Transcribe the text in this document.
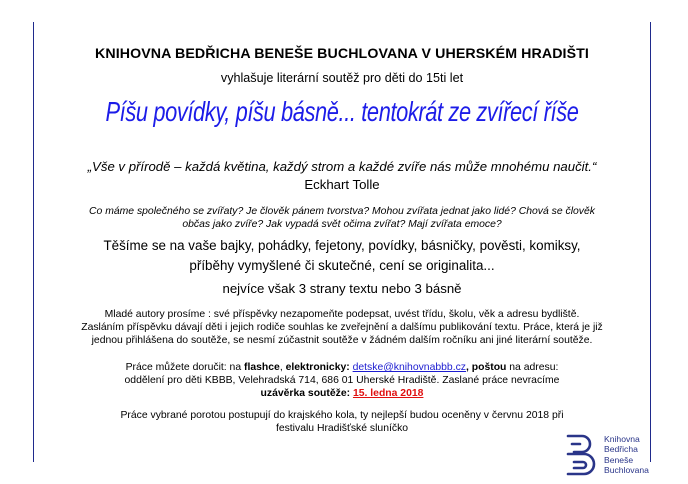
KNIHOVNA BEDŘICHA BENEŠE BUCHLOVANA V UHERSKÉM HRADIŠTI
vyhlašuje literární soutěž pro děti do 15ti let
Píšu povídky, píšu básně... tentokrát ze zvířecí říše
„Vše v přírodě – každá květina, každý strom a každé zvíře nás může mnohému naučit.“
Eckhart Tolle
Co máme společného se zvířaty? Je člověk pánem tvorstva? Mohou zvířata jednat jako lidé? Chová se člověk
občas jako zvíře? Jak vypadá svět očima zvířat? Mají zvířata emoce?
Těšíme se na vaše bajky, pohádky, fejetony, povídky, básničky, pověsti, komiksy,
příběhy vymyšlené či skutečné, cení se originalita...
nejvíce však 3 strany textu nebo 3 básně
Mladé autory prosíme : své příspěvky nezapomeňte podepsat, uvést třídu, školu, věk a adresu bydliště.
Zasláním příspěvku dávají děti i jejich rodiče souhlas ke zveřejnění a dalšímu publikování textu. Práce, která je již
jednou přihlášena do soutěže, se nesmí zúčastnit soutěže v žádném dalším ročníku ani jiné literární soutěže.
Práce můžete doručit: na flashce, elektronicky: detske@knihovnabbb.cz, poštou na adresu:
oddělení pro děti KBBB, Velehradská 714, 686 01 Uherské Hradiště. Zaslané práce nevracíme
uzávěrka soutěže: 15. ledna 2018
Práce vybrané porotou postupují do krajského kola, ty nejlepší budou oceněny v červnu 2018 při
festivalu Hradišťské sluníčko
Knihovna
Bedřicha
Beneše
Buchlovana
